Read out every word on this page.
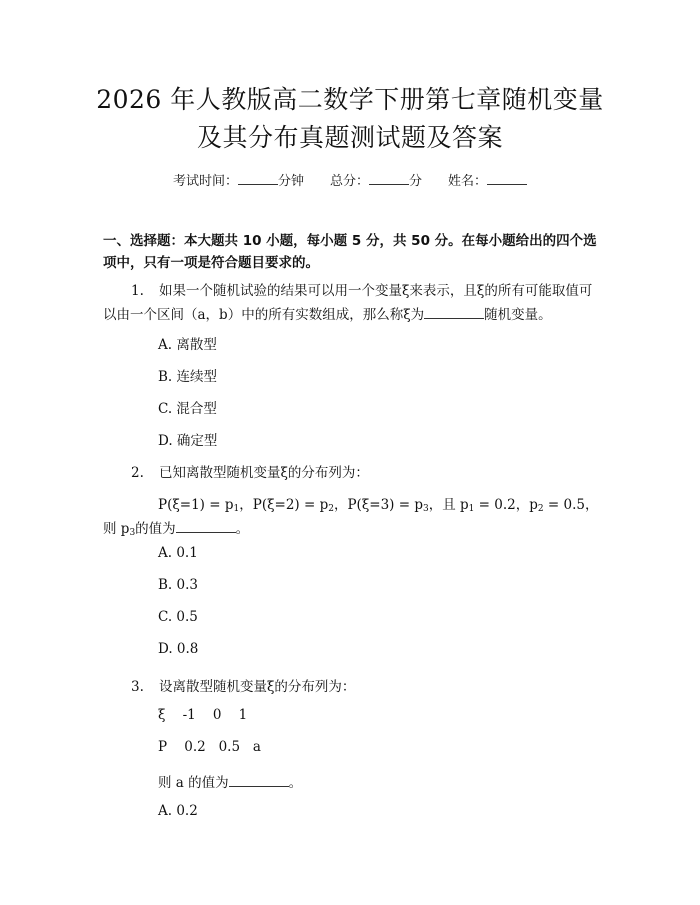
2026 年人教版高二数学下册第七章随机变量
及其分布真题测试题及答案
考试时间：	分钟 总分：	分 姓名：
一、选择题：本大题共 10 小题，每小题 5 分，共 50 分。在每小题给出的四个选项中，只有一项是符合题目要求的。
1. 如果一个随机试验的结果可以用一个变量ξ来表示，且ξ的所有可能取值可以由一个区间（a，b）中的所有实数组成，那么称ξ为	随机变量。
A. 离散型
B. 连续型
C. 混合型
D. 确定型
2. 已知离散型随机变量ξ的分布列为：
$P(\xi=1) = p_1$，$P(\xi=2) = p_2$，$P(\xi=3) = p_3$，且 $p_1 = 0.2$，$p_2 = 0.5$，
则 $p_3$的值为	。
A. 0.1
B. 0.3
C. 0.5
D. 0.8
3. 设离散型随机变量ξ的分布列为：
ξ    -1    0    1
P    0.2   0.5   a
则 a 的值为	。
A. 0.2
